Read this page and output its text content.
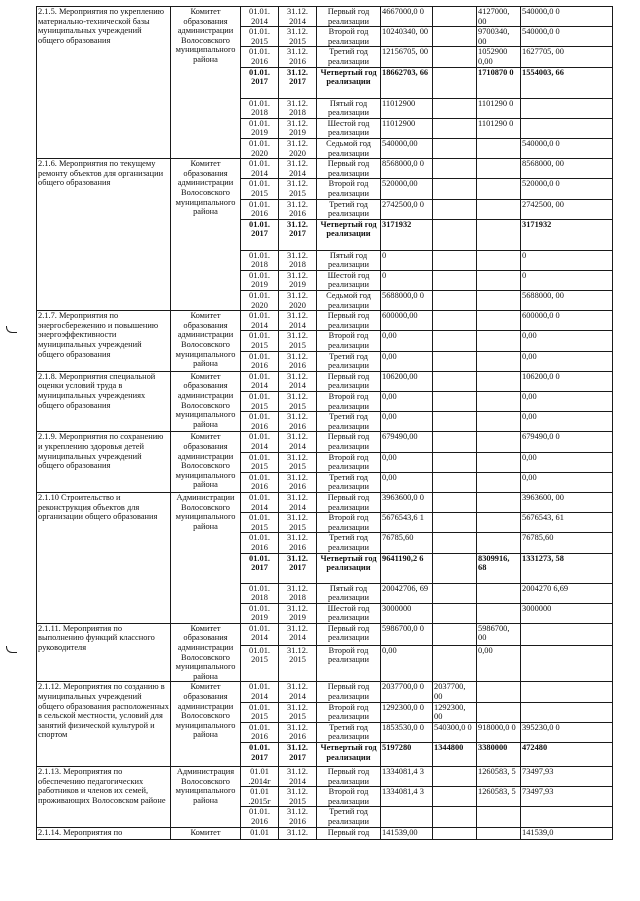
2.1.5. Мероприятия по укреплению материально-технической базы муниципальных учреждений общего образования	Комитет образования администрации Волосовского муниципального района	01.01. 2014	31.12. 2014	Первый год реализации	4667000,0 0		4127000, 00	540000,0 0	
		01.01. 2015	31.12. 2015	Второй год реализации	10240340, 00		9700340, 00	540000,0 0	
		01.01. 2016	31.12. 2016	Третий год реализации	12156705, 00		1052900 0,00	1627705, 00	
		01.01. 2017	31.12. 2017	Четвертый год реализации	18662703, 66		1710870 0	1554003, 66	
		01.01. 2018	31.12. 2018	Пятый год реализации	11012900		1101290 0		
		01.01. 2019	31.12. 2019	Шестой год реализации	11012900		1101290 0		
		01.01. 2020	31.12. 2020	Седьмой год реализации	540000,00			540000,0 0	
2.1.6. Мероприятия по текущему ремонту объектов для организации общего образования	Комитет образования администрации Волосовского муниципального района	01.01. 2014	31.12. 2014	Первый год реализации	8568000,0 0			8568000, 00	
		01.01. 2015	31.12. 2015	Второй год реализации	520000,00			520000,0 0	
		01.01. 2016	31.12. 2016	Третий год реализации	2742500,0 0			2742500, 00	
		01.01. 2017	31.12. 2017	Четвертый год реализации	3171932			3171932	
		01.01. 2018	31.12. 2018	Пятый год реализации	0			0	
		01.01. 2019	31.12. 2019	Шестой год реализации	0			0	
		01.01. 2020	31.12. 2020	Седьмой год реализации	5688000,0 0			5688000, 00	
2.1.7. Мероприятия по энергосбережению и повышению энергоэффективности муниципальных учреждений общего образования	Комитет образования администрации Волосовского муниципального района	01.01. 2014	31.12. 2014	Первый год реализации	600000,00			600000,0 0	
		01.01. 2015	31.12. 2015	Второй год реализации	0,00			0,00	
		01.01. 2016	31.12. 2016	Третий год реализации	0,00			0,00	
2.1.8. Мероприятия специальной оценки условий труда в муниципальных учреждениях общего образования	Комитет образования администрации Волосовского муниципального района	01.01. 2014	31.12. 2014	Первый год реализации	106200,00			106200,0 0	
		01.01. 2015	31.12. 2015	Второй год реализации	0,00			0,00	
		01.01. 2016	31.12. 2016	Третий год реализации	0,00			0,00	
2.1.9. Мероприятия по сохранению и укреплению здоровья детей муниципальных учреждений общего образования	Комитет образования администрации Волосовского муниципального района	01.01. 2014	31.12. 2014	Первый год реализации	679490,00			679490,0 0	
		01.01. 2015	31.12. 2015	Второй год реализации	0,00			0,00	
		01.01. 2016	31.12. 2016	Третий год реализации	0,00			0,00	
2.1.10 Строительство и реконструкция объектов для организации общего образования	Администрации Волосовского муниципального района	01.01. 2014	31.12. 2014	Первый год реализации	3963600,0 0			3963600, 00	
		01.01. 2015	31.12. 2015	Второй год реализации	5676543,6 1			5676543, 61	
		01.01. 2016	31.12. 2016	Третий год реализации	76785,60			76785,60	
		01.01. 2017	31.12. 2017	Четвертый год реализации	9641190,2 6		8309916, 68	1331273, 58	
		01.01. 2018	31.12. 2018	Пятый год реализации	20042706, 69			2004270 6,69	
		01.01. 2019	31.12. 2019	Шестой год реализации	3000000			3000000	
2.1.11. Мероприятия по выполнению функций классного руководителя	Комитет образования администрации Волосовского муниципального района	01.01. 2014	31.12. 2014	Первый год реализации	5986700,0 0		5986700, 00		
		01.01. 2015	31.12. 2015	Второй год реализации	0,00		0,00		
2.1.12. Мероприятия по созданию в муниципальных учреждений общего образования расположенных в сельской местности, условий для занятий физической культурой и спортом	Комитет образования администрации Волосовского муниципального района	01.01. 2014	31.12. 2014	Первый год реализации	2037700,0 0	2037700, 00			
		01.01. 2015	31.12. 2015	Второй год реализации	1292300,0 0	1292300, 00			
		01.01. 2016	31.12. 2016	Третий год реализации	1853530,0 0	540300,0 0	918000,0 0	395230,0 0	
		01.01. 2017	31.12. 2017	Четвертый год реализации	5197280	1344800	3380000	472480	
2.1.13. Мероприятия по обеспечению педагогических работников и членов их семей, проживающих Волосовском районе	Администрация Волосовского муниципального района	01.01 .2014г	31.12. 2014	Первый год реализации	1334081,4 3		1260583, 5	73497,93	
		01.01 .2015г	31.12. 2015	Второй год реализации	1334081,4 3		1260583, 5	73497,93	
		01.01. 2016	31.12. 2016	Третий год реализации					
2.1.14. Мероприятия по	Комитет	01.01	31.12.	Первый год	141539,00			141539,0	
